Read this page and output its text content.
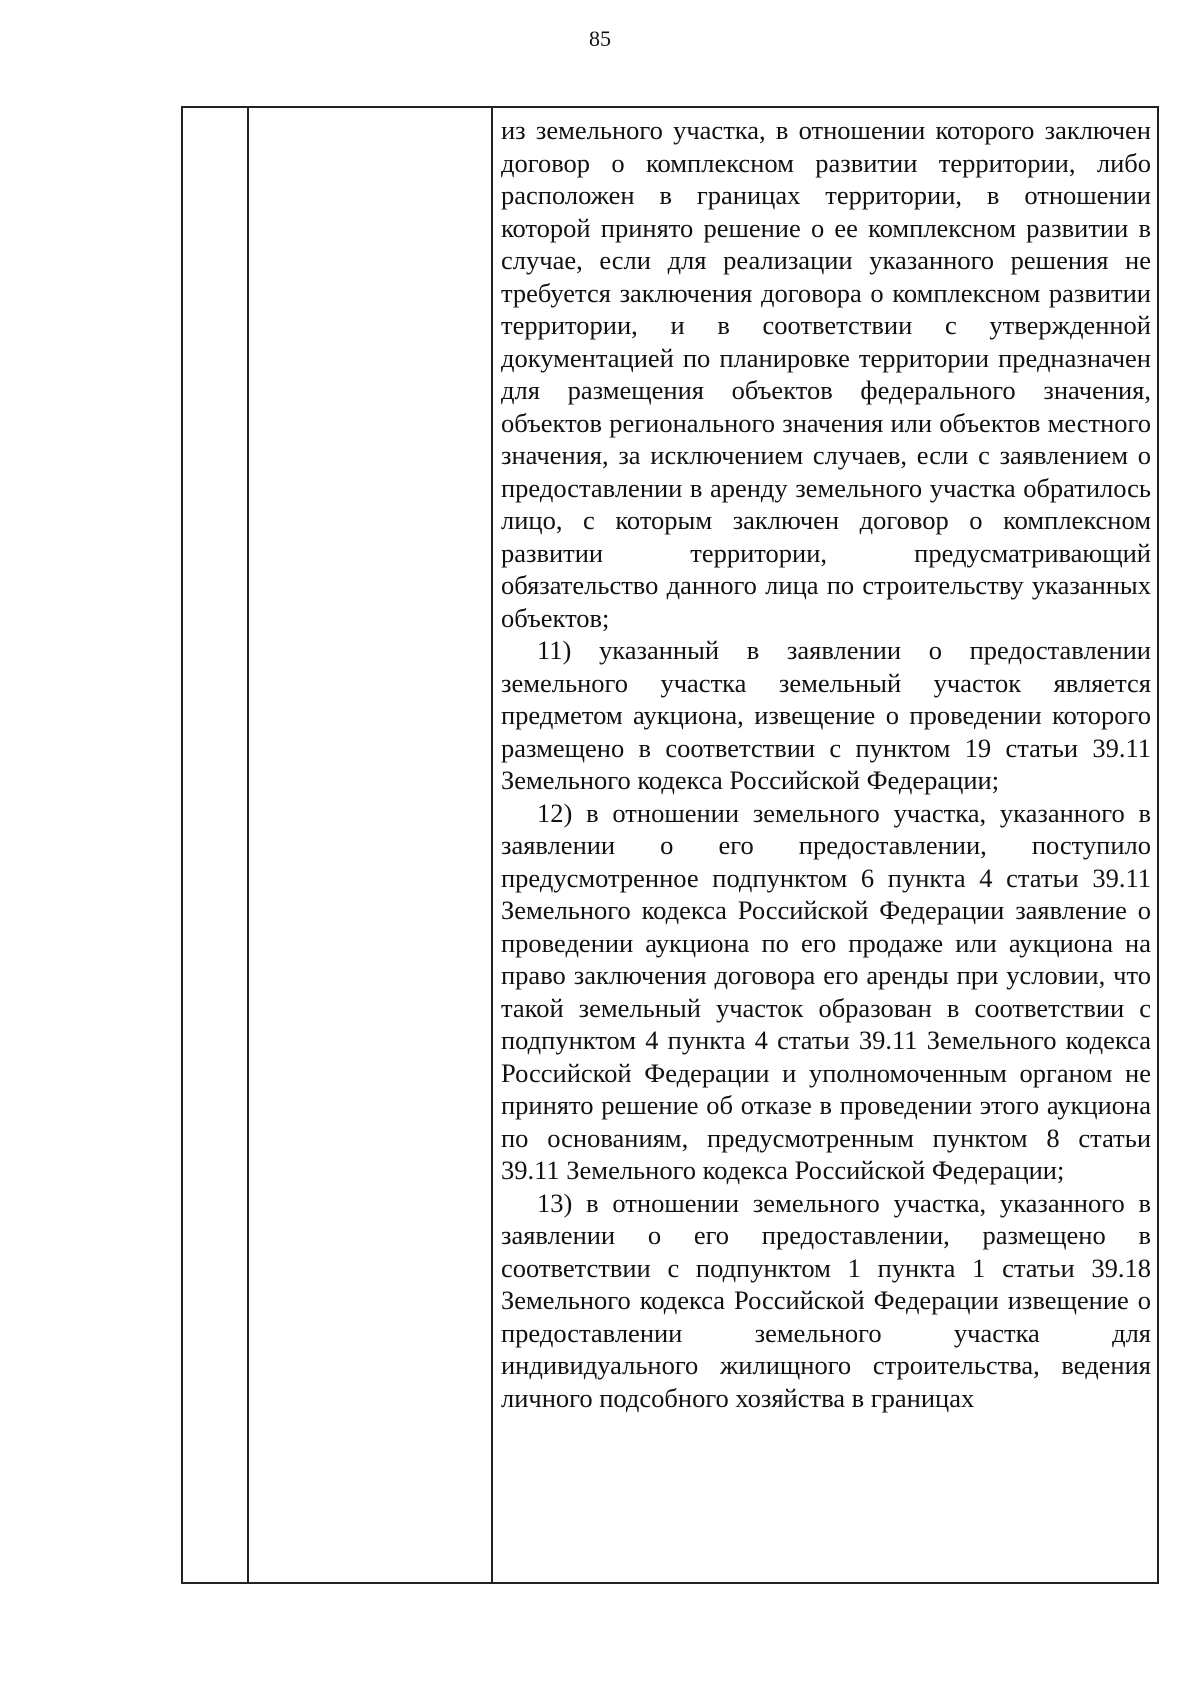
85

из земельного участка, в отношении которого заключен договор о комплексном развитии территории, либо расположен в границах территории, в отношении которой принято решение о ее комплексном развитии в случае, если для реализации указанного решения не требуется заключения договора о комплексном развитии территории, и в соответствии с утвержденной документацией по планировке территории предназначен для размещения объектов федерального значения, объектов регионального значения или объектов местного значения, за исключением случаев, если с заявлением о предоставлении в аренду земельного участка обратилось лицо, с которым заключен договор о комплексном развитии территории, предусматривающий обязательство данного лица по строительству указанных объектов;

11) указанный в заявлении о предоставлении земельного участка земельный участок является предметом аукциона, извещение о проведении которого размещено в соответствии с пунктом 19 статьи 39.11 Земельного кодекса Российской Федерации;

12) в отношении земельного участка, указанного в заявлении о его предоставлении, поступило предусмотренное подпунктом 6 пункта 4 статьи 39.11 Земельного кодекса Российской Федерации заявление о проведении аукциона по его продаже или аукциона на право заключения договора его аренды при условии, что такой земельный участок образован в соответствии с подпунктом 4 пункта 4 статьи 39.11 Земельного кодекса Российской Федерации и уполномоченным органом не принято решение об отказе в проведении этого аукциона по основаниям, предусмотренным пунктом 8 статьи 39.11 Земельного кодекса Российской Федерации;

13) в отношении земельного участка, указанного в заявлении о его предоставлении, размещено в соответствии с подпунктом 1 пункта 1 статьи 39.18 Земельного кодекса Российской Федерации извещение о предоставлении земельного участка для индивидуального жилищного строительства, ведения личного подсобного хозяйства в границах
